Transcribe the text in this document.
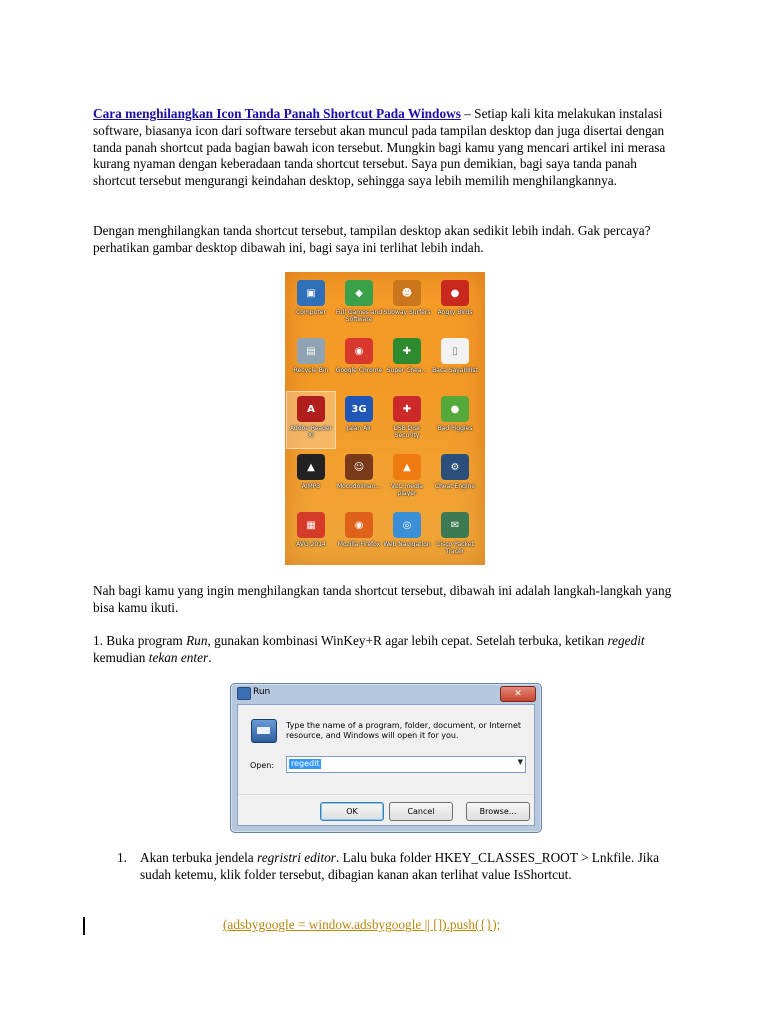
Cara menghilangkan Icon Tanda Panah Shortcut Pada Windows – Setiap kali kita melakukan instalasi software, biasanya icon dari software tersebut akan muncul pada tampilan desktop dan juga disertai dengan tanda panah shortcut pada bagian bawah icon tersebut. Mungkin bagi kamu yang mencari artikel ini merasa kurang nyaman dengan keberadaan tanda shortcut tersebut. Saya pun demikian, bagi saya tanda panah shortcut tersebut mengurangi keindahan desktop, sehingga saya lebih memilih menghilangkannya.

Dengan menghilangkan tanda shortcut tersebut, tampilan desktop akan sedikit lebih indah. Gak percaya? perhatikan gambar desktop dibawah ini, bagi saya ini terlihat lebih indah.

▣
Computer
◆
Full Games and Software
☻
Subway Surfers
●
Angry Birds
▤
Recycle Bin
◉
Google Chrome
✚
Super Chea...
▯
Baca SayaIIIIIst
A
Adobe Reader XI
3G
Jalan Air
✚
USB Disk Security
●
Bad Piggies
▲
AIMP3
☺
Mocodolman...
▲
VLC media player
⚙
Cheat Engine
▦
AVG 2014
◉
Mozilla Firefox
◎
Web Navigation
✉
Cisco Packet Tracer

Nah bagi kamu yang ingin menghilangkan tanda shortcut tersebut, dibawah ini adalah langkah-langkah yang bisa kamu ikuti.

1. Buka program Run, gunakan kombinasi WinKey+R agar lebih cepat. Setelah terbuka, ketikan regedit kemudian tekan enter.

Run	✕
Type the name of a program, folder, document, or Internet resource, and Windows will open it for you.
Open: regedit	▼
OK	Cancel	Browse...
1. Akan terbuka jendela regristri editor. Lalu buka folder HKEY_CLASSES_ROOT > Lnkfile. Jika sudah ketemu, klik folder tersebut, dibagian kanan akan terlihat value IsShortcut.

(adsbygoogle = window.adsbygoogle || []).push({});
